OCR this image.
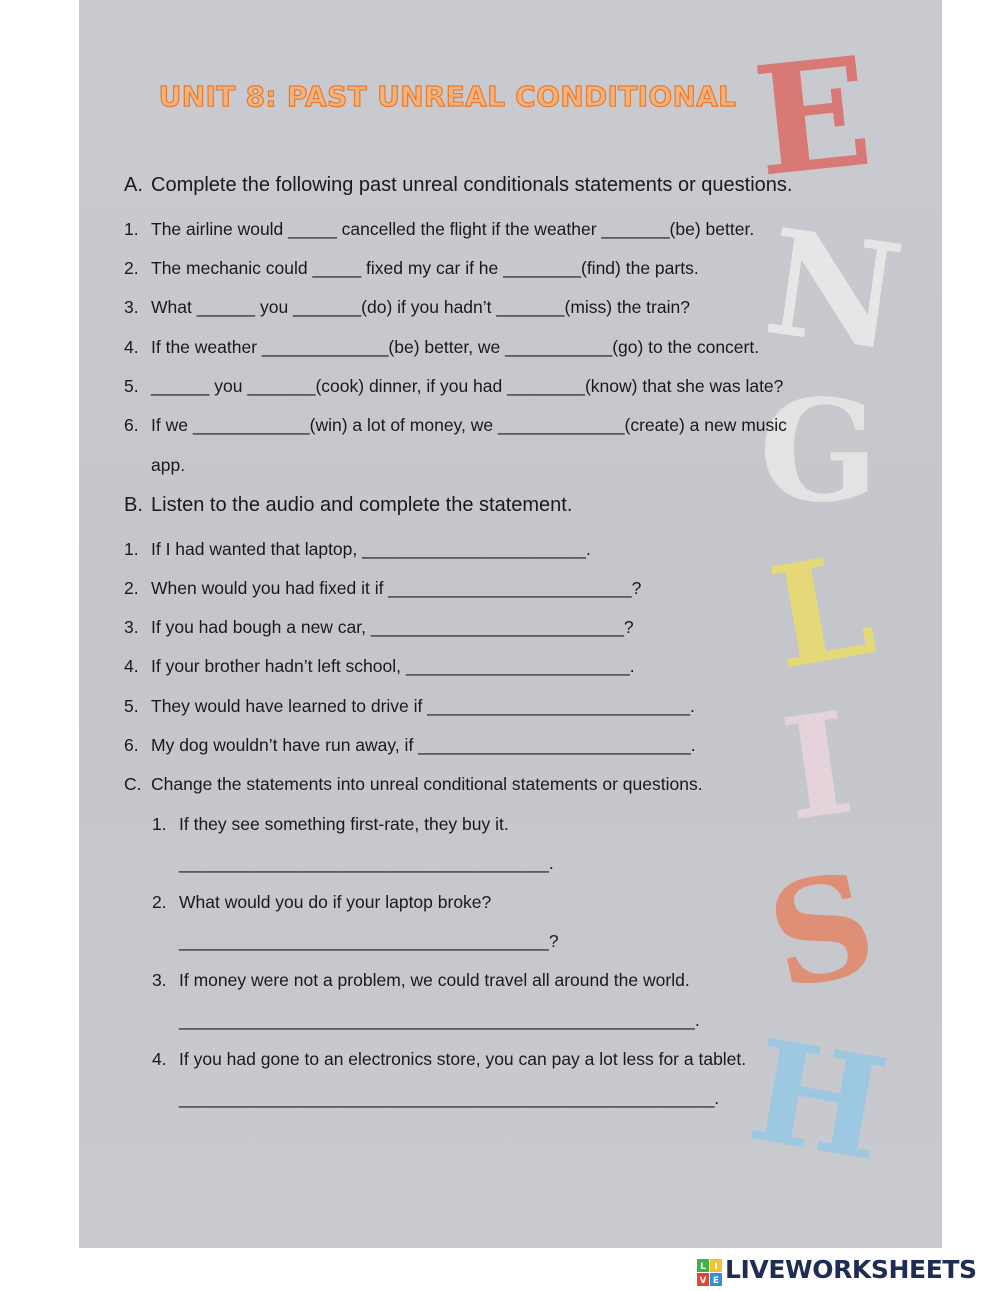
E
N
G
L
I
S
H
UNIT 8: PAST UNREAL CONDITIONAL
A. Complete the following past unreal conditionals statements or questions.
1. The airline would _____ cancelled the flight if the weather _______(be) better.
2. The mechanic could _____ fixed my car if he ________(find) the parts.
3. What ______ you _______(do) if you hadn’t _______(miss) the train?
4. If the weather _____________(be) better, we ___________(go) to the concert.
5. ______ you _______(cook) dinner, if you had ________(know) that she was late?
6. If we ____________(win) a lot of money, we _____________(create) a new music
app.
B. Listen to the audio and complete the statement.
1. If I had wanted that laptop, _______________________.
2. When would you had fixed it if _________________________?
3. If you had bough a new car, __________________________?
4. If your brother hadn’t left school, _______________________.
5. They would have learned to drive if ___________________________.
6. My dog wouldn’t have run away, if ____________________________.
C. Change the statements into unreal conditional statements or questions.
1. If they see something first-rate, they buy it.
______________________________________.
2. What would you do if your laptop broke?
______________________________________?
3. If money were not a problem, we could travel all around the world.
_____________________________________________________.
4. If you had gone to an electronics store, you can pay a lot less for a tablet.
_______________________________________________________.
L I
V E LIVEWORKSHEETS
